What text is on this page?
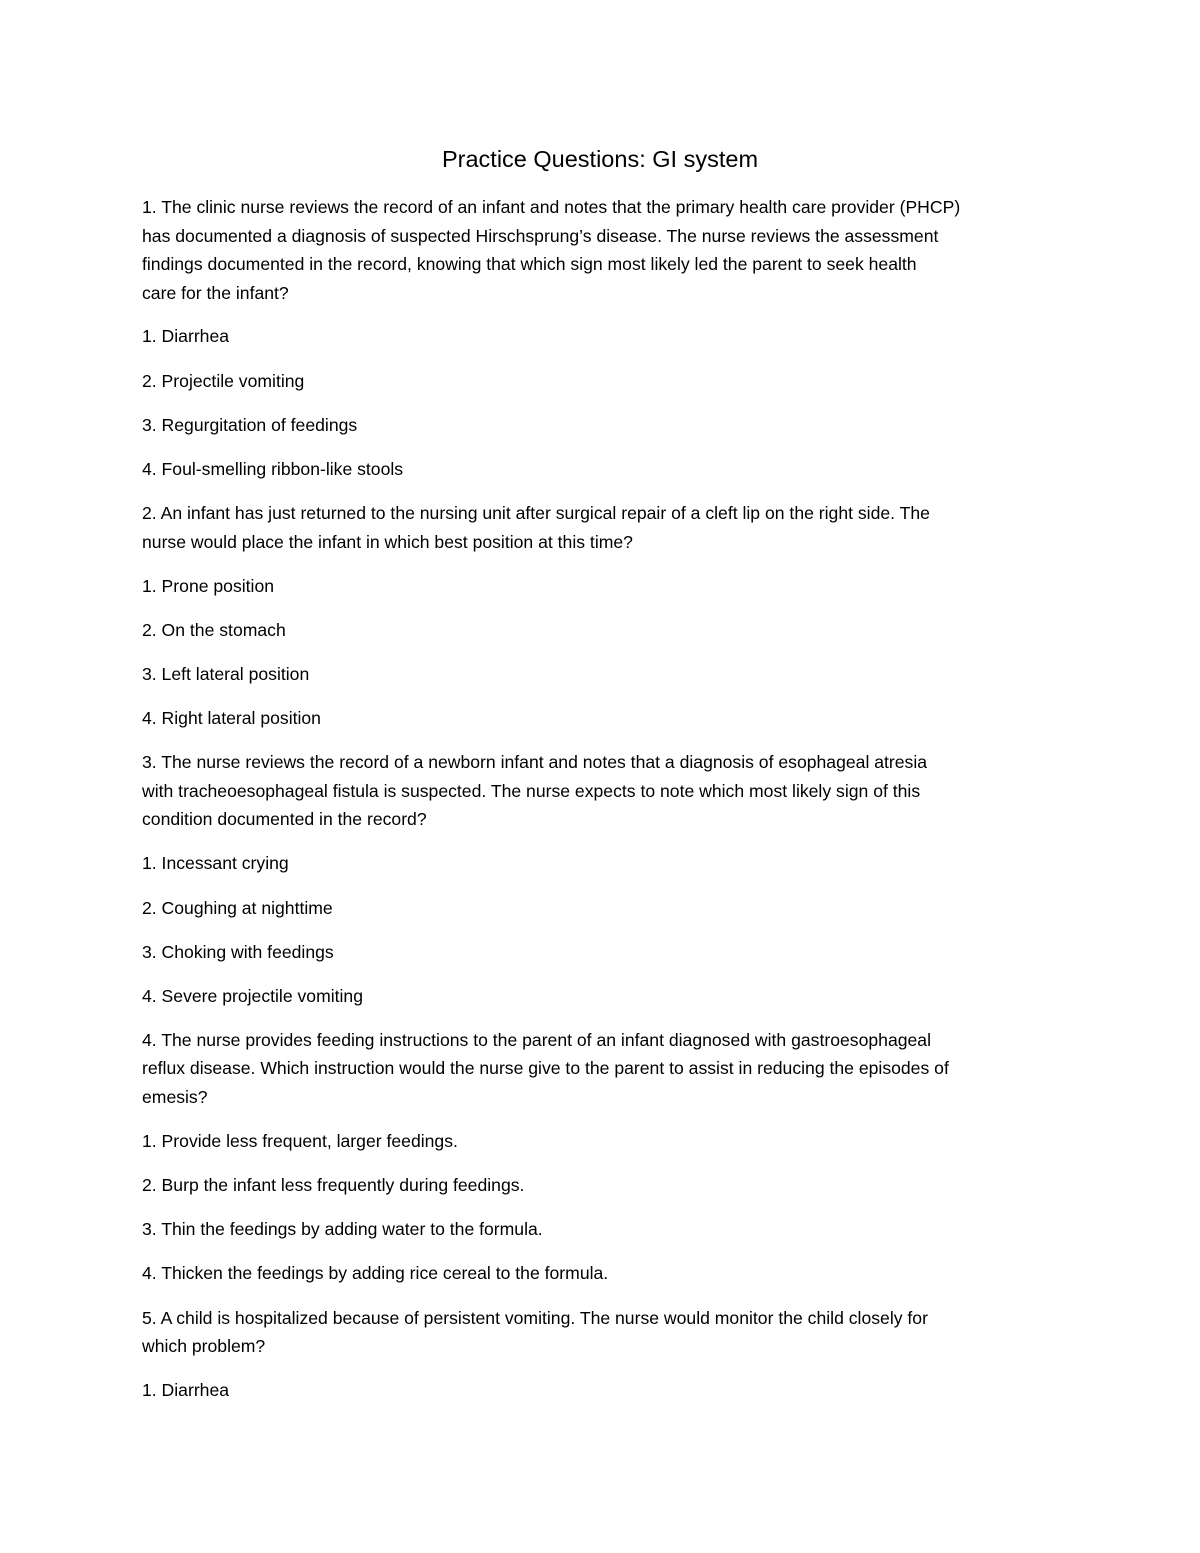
Practice Questions: GI system

1. The clinic nurse reviews the record of an infant and notes that the primary health care provider (PHCP)

has documented a diagnosis of suspected Hirschsprung’s disease. The nurse reviews the assessment

findings documented in the record, knowing that which sign most likely led the parent to seek health

care for the infant?

1. Diarrhea

2. Projectile vomiting

3. Regurgitation of feedings

4. Foul-smelling ribbon-like stools

2. An infant has just returned to the nursing unit after surgical repair of a cleft lip on the right side. The

nurse would place the infant in which best position at this time?

1. Prone position

2. On the stomach

3. Left lateral position

4. Right lateral position

3. The nurse reviews the record of a newborn infant and notes that a diagnosis of esophageal atresia

with tracheoesophageal fistula is suspected. The nurse expects to note which most likely sign of this

condition documented in the record?

1. Incessant crying

2. Coughing at nighttime

3. Choking with feedings

4. Severe projectile vomiting

4. The nurse provides feeding instructions to the parent of an infant diagnosed with gastroesophageal

reflux disease. Which instruction would the nurse give to the parent to assist in reducing the episodes of

emesis?

1. Provide less frequent, larger feedings.

2. Burp the infant less frequently during feedings.

3. Thin the feedings by adding water to the formula.

4. Thicken the feedings by adding rice cereal to the formula.

5. A child is hospitalized because of persistent vomiting. The nurse would monitor the child closely for

which problem?

1. Diarrhea
